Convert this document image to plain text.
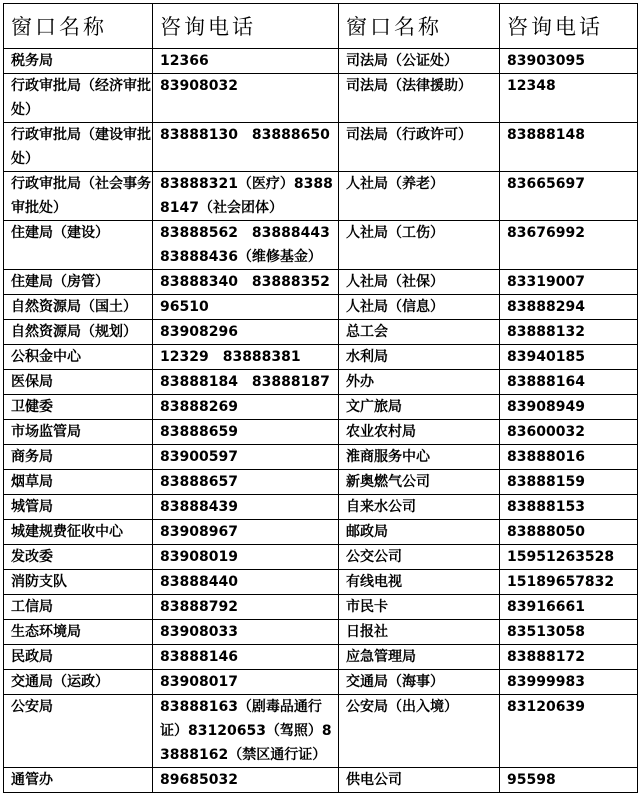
窗口名称	咨询电话	窗口名称	咨询电话
税务局	12366	司法局（公证处）	83903095
行政审批局（经济审批处）	83908032	司法局（法律援助）	12348
行政审批局（建设审批处）	83888130　83888650	司法局（行政许可）	83888148
行政审批局（社会事务审批处）	83888321（医疗）83888147（社会团体）	人社局（养老）	83665697
住建局（建设）	83888562　83888443 83888436（维修基金）	人社局（工伤）	83676992
住建局（房管）	83888340　83888352	人社局（社保）	83319007
自然资源局（国土）	96510	人社局（信息）	83888294
自然资源局（规划）	83908296	总工会	83888132
公积金中心	12329　83888381	水利局	83940185
医保局	83888184　83888187	外办	83888164
卫健委	83888269	文广旅局	83908949
市场监管局	83888659	农业农村局	83600032
商务局	83900597	淮商服务中心	83888016
烟草局	83888657	新奥燃气公司	83888159
城管局	83888439	自来水公司	83888153
城建规费征收中心	83908967	邮政局	83888050
发改委	83908019	公交公司	15951263528
消防支队	83888440	有线电视	15189657832
工信局	83888792	市民卡	83916661
生态环境局	83908033	日报社	83513058
民政局	83888146	应急管理局	83888172
交通局（运政）	83908017	交通局（海事）	83999983
公安局	83888163（剧毒品通行证）83120653（驾照）83888162（禁区通行证）	公安局（出入境）	83120639
通管办	89685032	供电公司	95598
